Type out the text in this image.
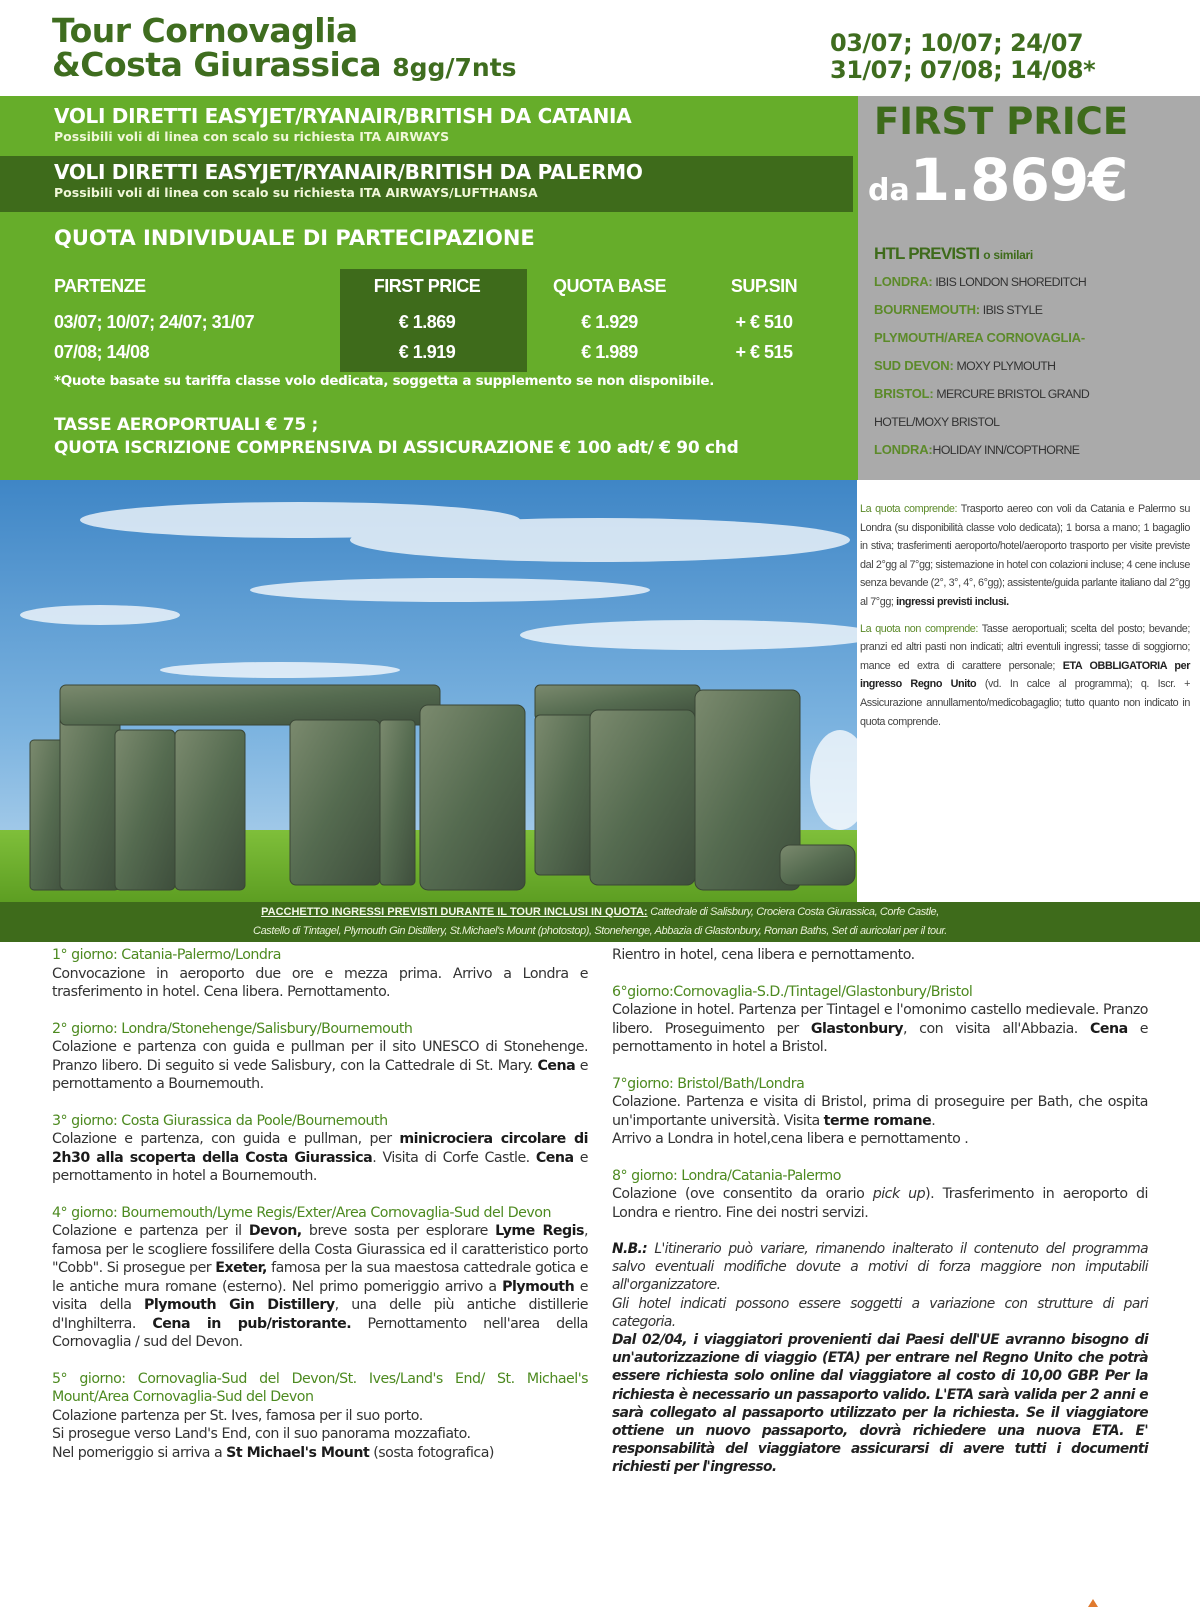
Tour Cornovaglia
&Costa Giurassica 8gg/7nts
03/07; 10/07; 24/07
31/07; 07/08; 14/08*
VOLI DIRETTI EASYJET/RYANAIR/BRITISH DA CATANIA
Possibili voli di linea con scalo su richiesta ITA AIRWAYS
VOLI DIRETTI EASYJET/RYANAIR/BRITISH DA PALERMO
Possibili voli di linea con scalo su richiesta ITA AIRWAYS/LUFTHANSA
QUOTA INDIVIDUALE DI PARTECIPAZIONE
PARTENZE	FIRST PRICE	QUOTA BASE	SUP.SIN
03/07; 10/07; 24/07; 31/07	€ 1.869	€ 1.929	+ € 510
07/08; 14/08	€ 1.919	€ 1.989	+ € 515
*Quote basate su tariffa classe volo dedicata, soggetta a supplemento se non disponibile.
TASSE AEROPORTUALI € 75 ;
QUOTA ISCRIZIONE COMPRENSIVA DI ASSICURAZIONE € 100 adt/ € 90 chd
FIRST PRICE
da1.869€
HTL PREVISTI o similari
LONDRA: IBIS LONDON SHOREDITCH
BOURNEMOUTH: IBIS STYLE
PLYMOUTH/AREA CORNOVAGLIA-
SUD DEVON: MOXY PLYMOUTH
BRISTOL: MERCURE BRISTOL GRAND
HOTEL/MOXY BRISTOL
LONDRA:HOLIDAY INN/COPTHORNE

La quota comprende: Trasporto aereo con voli da Catania e Palermo su Londra (su disponibilità classe volo dedicata); 1 borsa a mano; 1 bagaglio in stiva; trasferimenti aeroporto/hotel/aeroporto trasporto per visite previste dal 2°gg al 7°gg; sistemazione in hotel con colazioni incluse; 4 cene incluse senza bevande (2°, 3°, 4°, 6°gg); assistente/guida parlante italiano dal 2°gg al 7°gg; ingressi previsti inclusi.

La quota non comprende: Tasse aeroportuali; scelta del posto; bevande; pranzi ed altri pasti non indicati; altri eventuli ingressi; tasse di soggiorno; mance ed extra di carattere personale; ETA OBBLIGATORIA per ingresso Regno Unito (vd. In calce al programma); q. Iscr. + Assicurazione annullamento/medicobagaglio; tutto quanto non indicato in quota comprende.

PACCHETTO INGRESSI PREVISTI DURANTE IL TOUR INCLUSI IN QUOTA: Cattedrale di Salisbury, Crociera Costa Giurassica, Corfe Castle,
Castello di Tintagel, Plymouth Gin Distillery, St.Michael's Mount (photostop), Stonehenge, Abbazia di Glastonbury, Roman Baths, Set di auricolari per il tour.
1° giorno: Catania-Palermo/Londra
Convocazione in aeroporto due ore e mezza prima. Arrivo a Londra e trasferimento in hotel. Cena libera. Pernottamento.
2° giorno: Londra/Stonehenge/Salisbury/Bournemouth
Colazione e partenza con guida e pullman per il sito UNESCO di Stonehenge. Pranzo libero. Di seguito si vede Salisbury, con la Cattedrale di St. Mary. Cena e pernottamento a Bournemouth.
3° giorno: Costa Giurassica da Poole/Bournemouth
Colazione e partenza, con guida e pullman, per minicrociera circolare di 2h30 alla scoperta della Costa Giurassica. Visita di Corfe Castle. Cena e pernottamento in hotel a Bournemouth.
4° giorno: Bournemouth/Lyme Regis/Exter/Area Cornovaglia-Sud del Devon
Colazione e partenza per il Devon, breve sosta per esplorare Lyme Regis, famosa per le scogliere fossilifere della Costa Giurassica ed il caratteristico porto "Cobb". Si prosegue per Exeter, famosa per la sua maestosa cattedrale gotica e le antiche mura romane (esterno). Nel primo pomeriggio arrivo a Plymouth e visita della Plymouth Gin Distillery, una delle più antiche distillerie d'Inghilterra. Cena in pub/ristorante. Pernottamento nell'area della Cornovaglia / sud del Devon.
5° giorno: Cornovaglia-Sud del Devon/St. Ives/Land's End/ St. Michael's Mount/Area Cornovaglia-Sud del Devon
Colazione partenza per St. Ives, famosa per il suo porto.
Si prosegue verso Land's End, con il suo panorama mozzafiato.
Nel pomeriggio si arriva a St Michael's Mount (sosta fotografica)
Rientro in hotel, cena libera e pernottamento.
6°giorno:Cornovaglia-S.D./Tintagel/Glastonbury/Bristol
Colazione in hotel. Partenza per Tintagel e l'omonimo castello medievale. Pranzo libero. Proseguimento per Glastonbury, con visita all'Abbazia. Cena e pernottamento in hotel a Bristol.
7°giorno: Bristol/Bath/Londra
Colazione. Partenza e visita di Bristol, prima di proseguire per Bath, che ospita un'importante università. Visita terme romane.
Arrivo a Londra in hotel,cena libera e pernottamento .
8° giorno: Londra/Catania-Palermo
Colazione (ove consentito da orario pick up). Trasferimento in aeroporto di Londra e rientro. Fine dei nostri servizi.
N.B.: L'itinerario può variare, rimanendo inalterato il contenuto del programma salvo eventuali modifiche dovute a motivi di forza maggiore non imputabili all'organizzatore.
Gli hotel indicati possono essere soggetti a variazione con strutture di pari categoria.
Dal 02/04, i viaggiatori provenienti dai Paesi dell'UE avranno bisogno di un'autorizzazione di viaggio (ETA) per entrare nel Regno Unito che potrà essere richiesta solo online dal viaggiatore al costo di 10,00 GBP. Per la richiesta è necessario un passaporto valido. L'ETA sarà valida per 2 anni e sarà collegato al passaporto utilizzato per la richiesta. Se il viaggiatore ottiene un nuovo passaporto, dovrà richiedere una nuova ETA. E' responsabilità del viaggiatore assicurarsi di avere tutti i documenti richiesti per l'ingresso.
